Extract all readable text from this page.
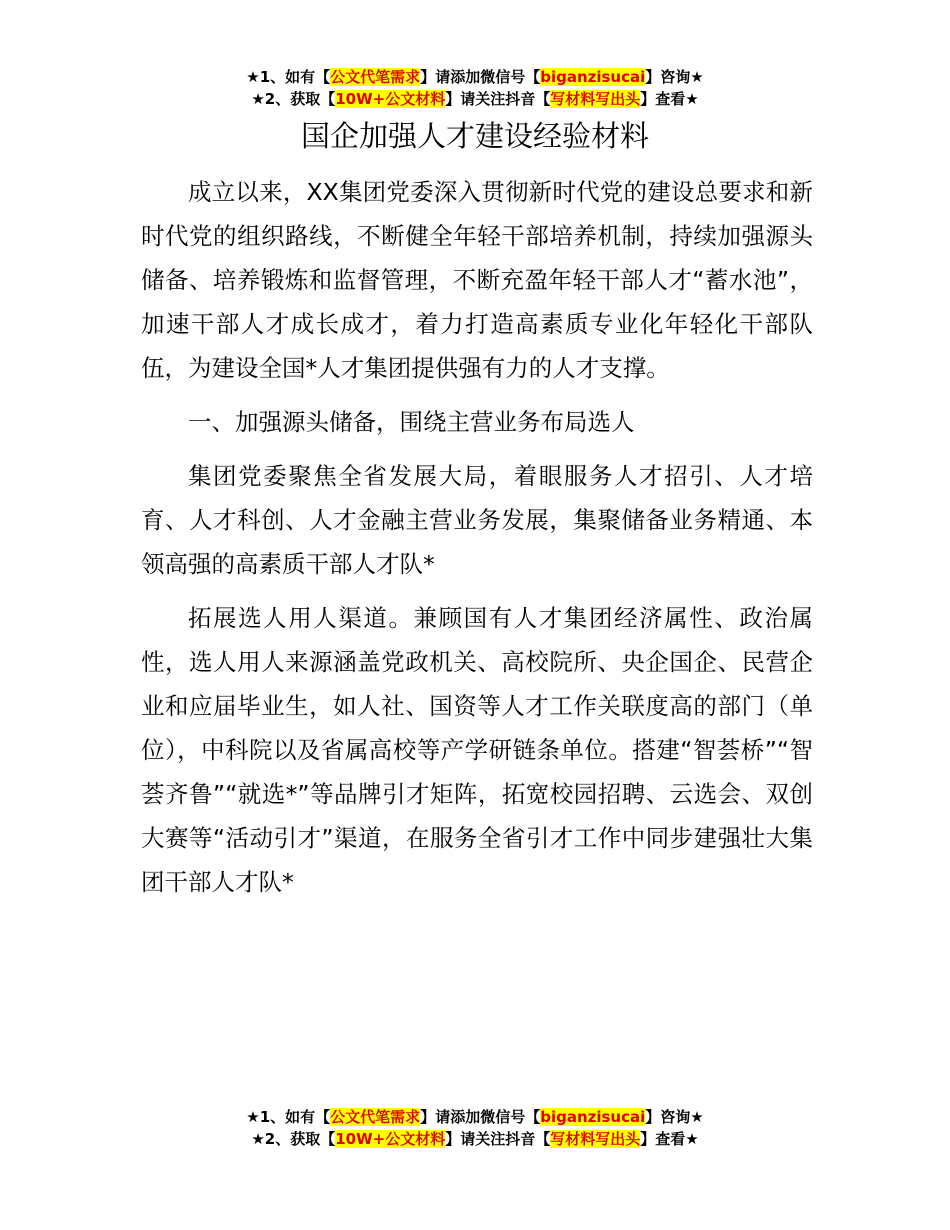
★1、如有【公文代笔需求】请添加微信号【biganzisucai】咨询★
★2、获取【10W+公文材料】请关注抖音【写材料写出头】查看★
国企加强人才建设经验材料

成立以来，XX集团党委深入贯彻新时代党的建设总要求和新时代党的组织路线，不断健全年轻干部培养机制，持续加强源头储备、培养锻炼和监督管理，不断充盈年轻干部人才“蓄水池”，加速干部人才成长成才，着力打造高素质专业化年轻化干部队伍，为建设全国*人才集团提供强有力的人才支撑。

一、加强源头储备，围绕主营业务布局选人

集团党委聚焦全省发展大局，着眼服务人才招引、人才培育、人才科创、人才金融主营业务发展，集聚储备业务精通、本领高强的高素质干部人才队*

拓展选人用人渠道。兼顾国有人才集团经济属性、政治属性，选人用人来源涵盖党政机关、高校院所、央企国企、民营企业和应届毕业生，如人社、国资等人才工作关联度高的部门（单位），中科院以及省属高校等产学研链条单位。搭建“智荟桥”“智荟齐鲁”“就选*”等品牌引才矩阵，拓宽校园招聘、云选会、双创大赛等“活动引才”渠道，在服务全省引才工作中同步建强壮大集团干部人才队*

★1、如有【公文代笔需求】请添加微信号【biganzisucai】咨询★
★2、获取【10W+公文材料】请关注抖音【写材料写出头】查看★
